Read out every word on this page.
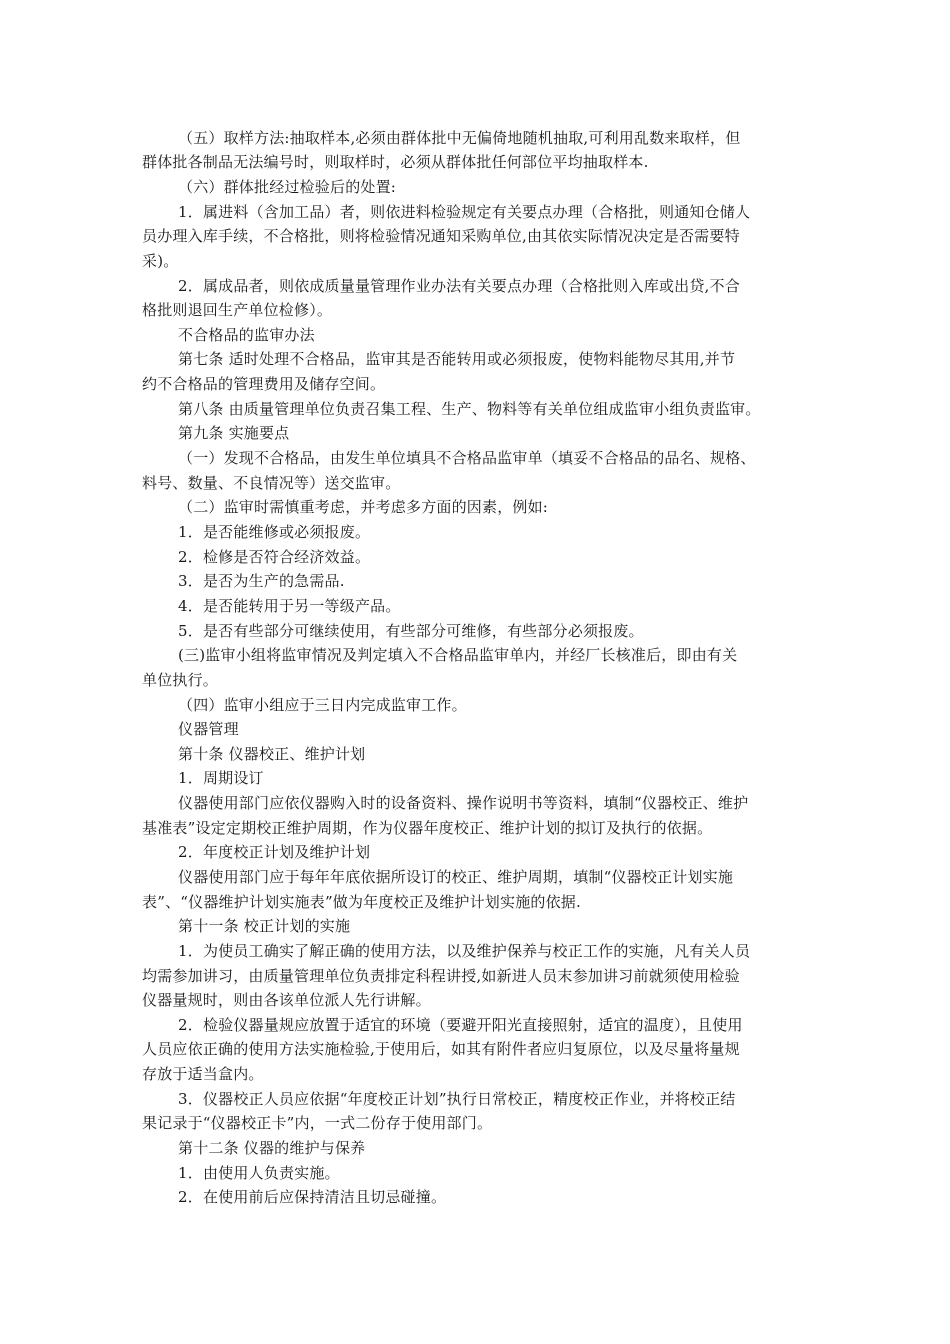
（五）取样方法:抽取样本,必须由群体批中无偏倚地随机抽取,可利用乱数来取样，但

群体批各制品无法编号时，则取样时，必须从群体批任何部位平均抽取样本.

（六）群体批经过检验后的处置:

1．属进料（含加工品）者，则依进料检验规定有关要点办理（合格批，则通知仓储人

员办理入库手续，不合格批，则将检验情况通知采购单位,由其依实际情况决定是否需要特

采)。

2．属成品者，则依成质量量管理作业办法有关要点办理（合格批则入库或出贷,不合

格批则退回生产单位检修）。

不合格品的监审办法

第七条 适时处理不合格品，监审其是否能转用或必须报废，使物料能物尽其用,并节

约不合格品的管理费用及储存空间。

第八条 由质量管理单位负责召集工程、生产、物料等有关单位组成监审小组负责监审。

第九条 实施要点

（一）发现不合格品，由发生单位填具不合格品监审单（填妥不合格品的品名、规格、

料号、数量、不良情况等）送交监审。

（二）监审时需慎重考虑，并考虑多方面的因素，例如:

1．是否能维修或必须报废。

2．检修是否符合经济效益。

3．是否为生产的急需品.

4．是否能转用于另一等级产品。

5．是否有些部分可继续使用，有些部分可维修，有些部分必须报废。

(三)监审小组将监审情况及判定填入不合格品监审单内，并经厂长核准后，即由有关

单位执行。

（四）监审小组应于三日内完成监审工作。

仪器管理

第十条 仪器校正、维护计划

1．周期设订

仪器使用部门应依仪器购入时的设备资料、操作说明书等资料，填制“仪器校正、维护

基准表”设定定期校正维护周期，作为仪器年度校正、维护计划的拟订及执行的依据。

2．年度校正计划及维护计划

仪器使用部门应于每年年底依据所设订的校正、维护周期，填制“仪器校正计划实施

表”、“仪器维护计划实施表”做为年度校正及维护计划实施的依据.

第十一条 校正计划的实施

1．为使员工确实了解正确的使用方法，以及维护保养与校正工作的实施，凡有关人员

均需参加讲习，由质量管理单位负责排定科程讲授,如新进人员末参加讲习前就须使用检验

仪器量规时，则由各该单位派人先行讲解。

2．检验仪器量规应放置于适宜的环境（要避开阳光直接照射，适宜的温度），且使用

人员应依正确的使用方法实施检验,于使用后，如其有附件者应归复原位，以及尽量将量规

存放于适当盒内。

3．仪器校正人员应依据“年度校正计划”执行日常校正，精度校正作业，并将校正结

果记录于“仪器校正卡”内，一式二份存于使用部门。

第十二条 仪器的维护与保养

1．由使用人负责实施。

2．在使用前后应保持清洁且切忌碰撞。
